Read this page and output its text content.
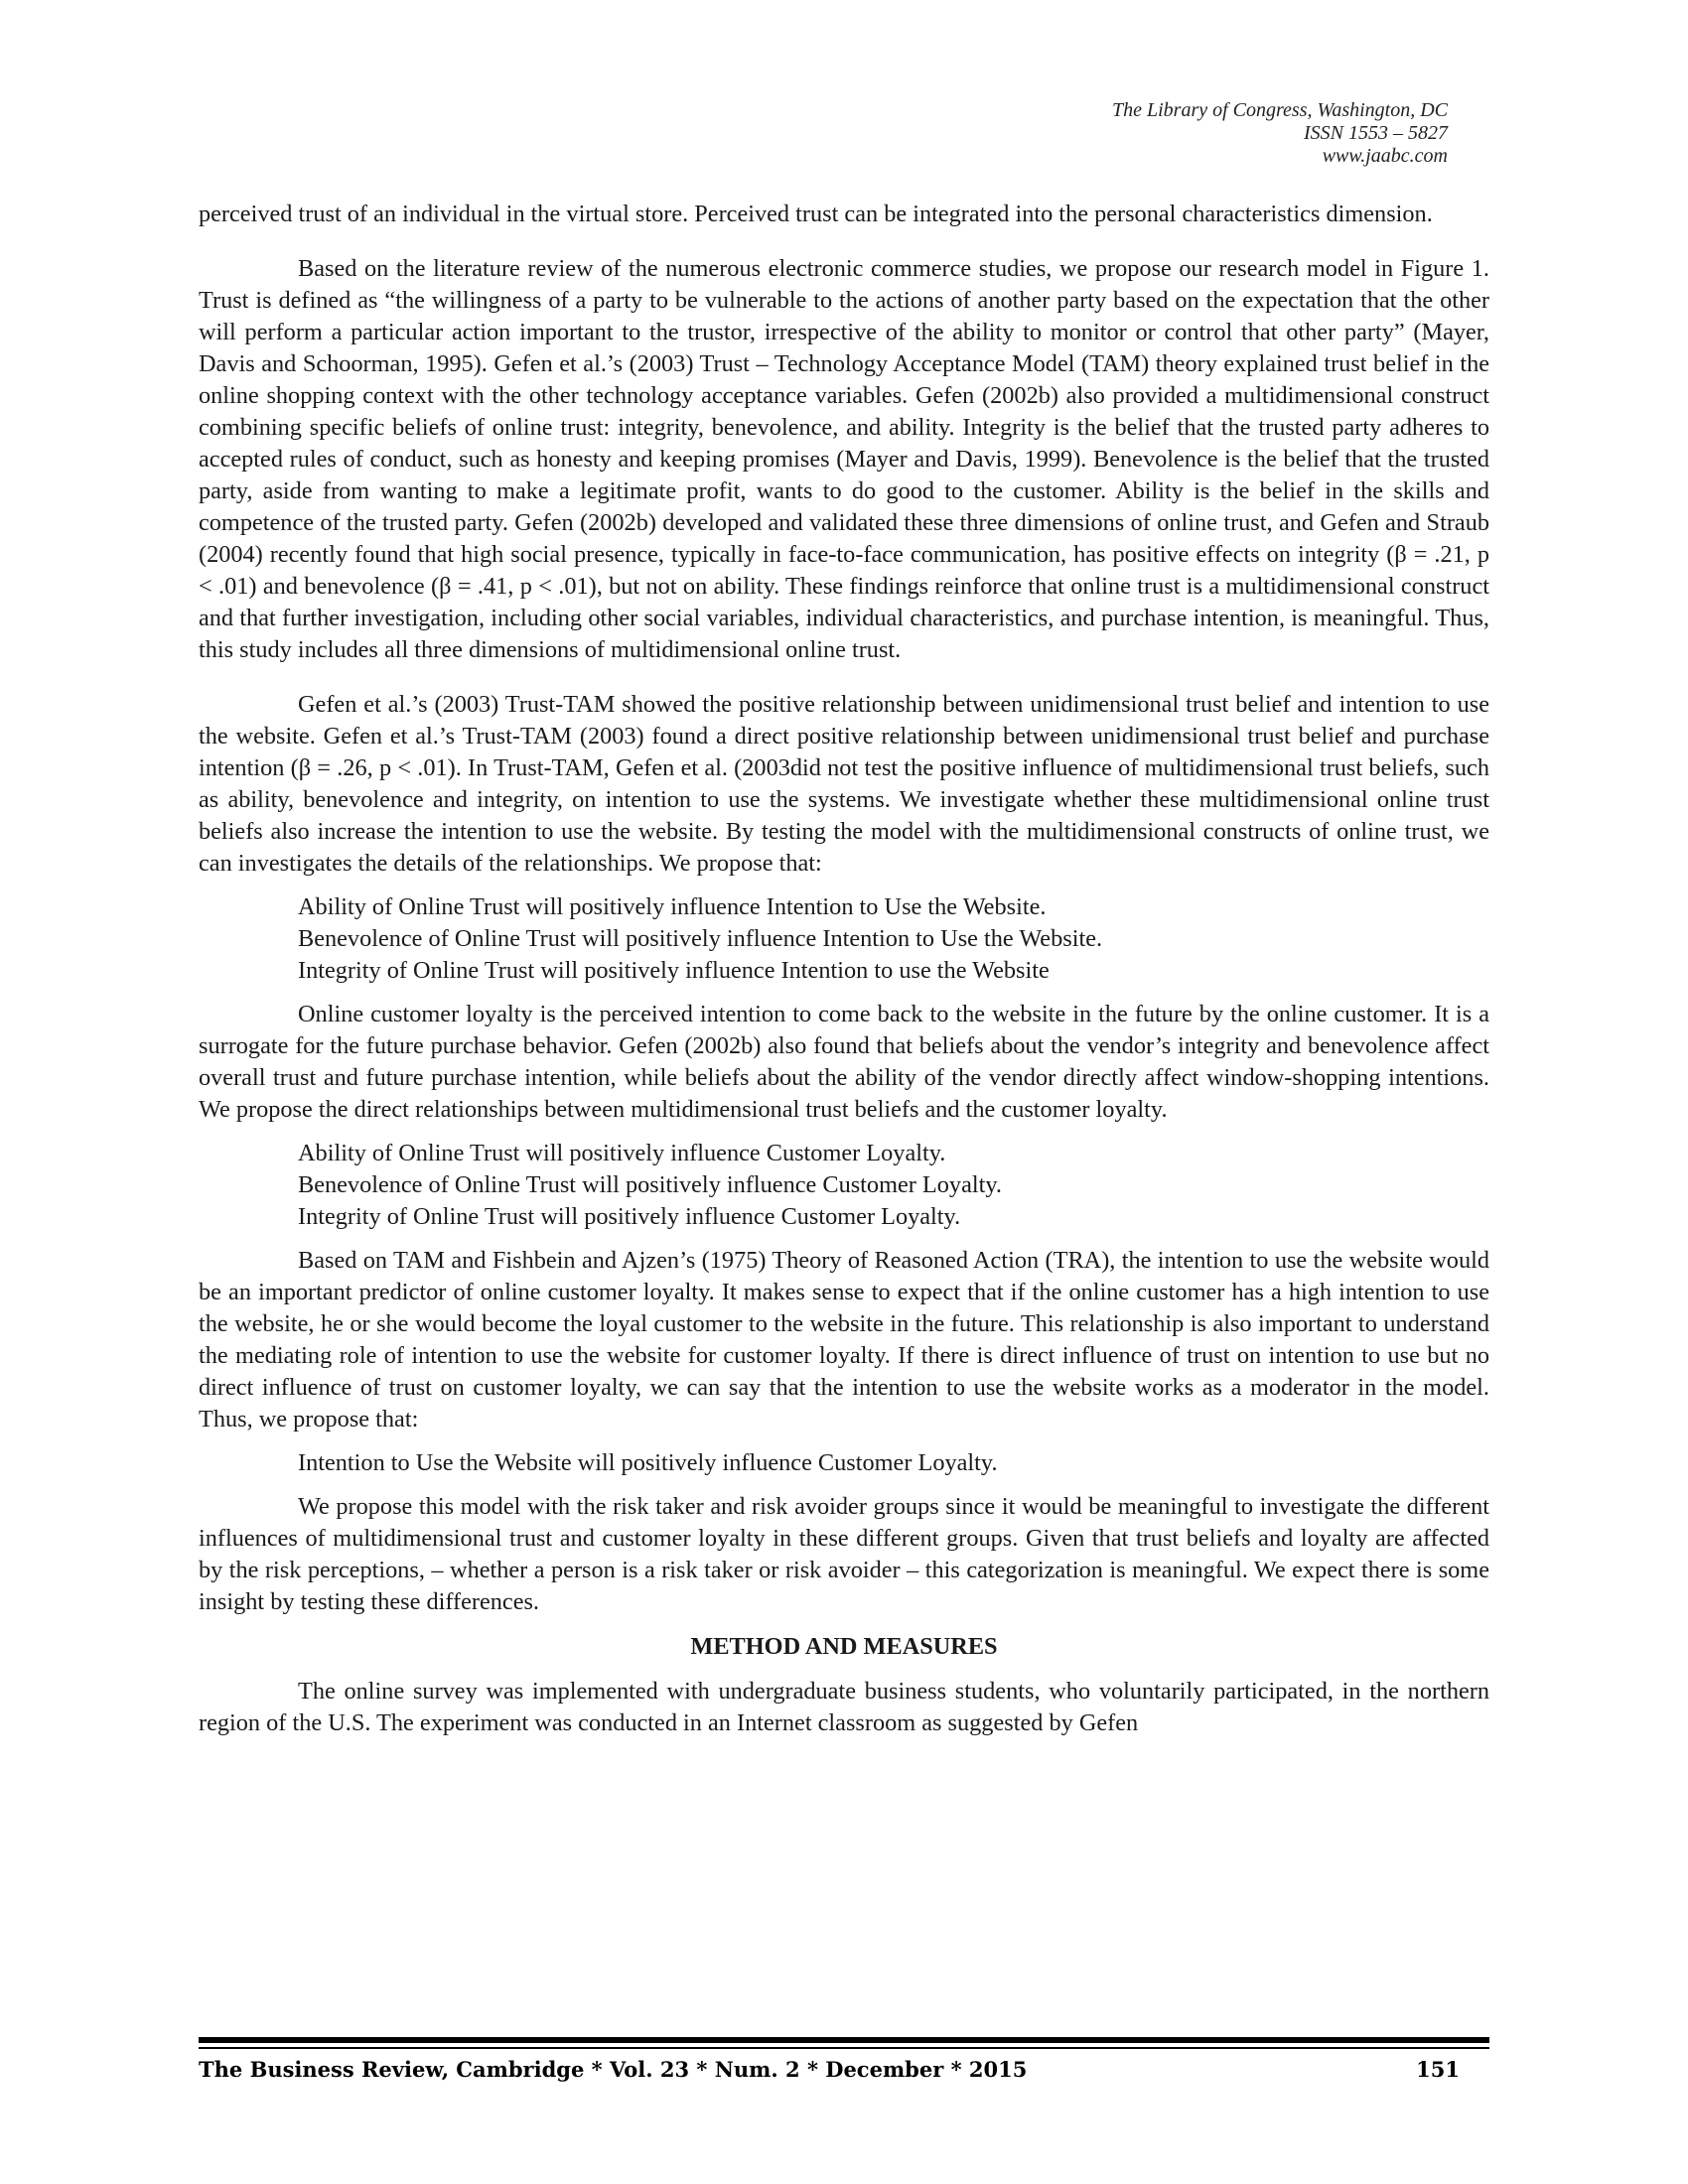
The Library of Congress, Washington, DC
ISSN 1553 – 5827
www.jaabc.com

perceived trust of an individual in the virtual store. Perceived trust can be integrated into the personal characteristics dimension.

Based on the literature review of the numerous electronic commerce studies, we propose our research model in Figure 1. Trust is defined as “the willingness of a party to be vulnerable to the actions of another party based on the expectation that the other will perform a particular action important to the trustor, irrespective of the ability to monitor or control that other party” (Mayer, Davis and Schoorman, 1995). Gefen et al.’s (2003) Trust – Technology Acceptance Model (TAM) theory explained trust belief in the online shopping context with the other technology acceptance variables. Gefen (2002b) also provided a multidimensional construct combining specific beliefs of online trust: integrity, benevolence, and ability. Integrity is the belief that the trusted party adheres to accepted rules of conduct, such as honesty and keeping promises (Mayer and Davis, 1999). Benevolence is the belief that the trusted party, aside from wanting to make a legitimate profit, wants to do good to the customer. Ability is the belief in the skills and competence of the trusted party. Gefen (2002b) developed and validated these three dimensions of online trust, and Gefen and Straub (2004) recently found that high social presence, typically in face-to-face communication, has positive effects on integrity (β = .21, p < .01) and benevolence (β = .41, p < .01), but not on ability. These findings reinforce that online trust is a multidimensional construct and that further investigation, including other social variables, individual characteristics, and purchase intention, is meaningful. Thus, this study includes all three dimensions of multidimensional online trust.

Gefen et al.’s (2003) Trust-TAM showed the positive relationship between unidimensional trust belief and intention to use the website. Gefen et al.’s Trust-TAM (2003) found a direct positive relationship between unidimensional trust belief and purchase intention (β = .26, p < .01). In Trust-TAM, Gefen et al. (2003did not test the positive influence of multidimensional trust beliefs, such as ability, benevolence and integrity, on intention to use the systems. We investigate whether these multidimensional online trust beliefs also increase the intention to use the website. By testing the model with the multidimensional constructs of online trust, we can investigates the details of the relationships. We propose that:

Ability of Online Trust will positively influence Intention to Use the Website.

Benevolence of Online Trust will positively influence Intention to Use the Website.

Integrity of Online Trust will positively influence Intention to use the Website

Online customer loyalty is the perceived intention to come back to the website in the future by the online customer. It is a surrogate for the future purchase behavior. Gefen (2002b) also found that beliefs about the vendor’s integrity and benevolence affect overall trust and future purchase intention, while beliefs about the ability of the vendor directly affect window-shopping intentions. We propose the direct relationships between multidimensional trust beliefs and the customer loyalty.

Ability of Online Trust will positively influence Customer Loyalty.

Benevolence of Online Trust will positively influence Customer Loyalty.

Integrity of Online Trust will positively influence Customer Loyalty.

Based on TAM and Fishbein and Ajzen’s (1975) Theory of Reasoned Action (TRA), the intention to use the website would be an important predictor of online customer loyalty. It makes sense to expect that if the online customer has a high intention to use the website, he or she would become the loyal customer to the website in the future. This relationship is also important to understand the mediating role of intention to use the website for customer loyalty. If there is direct influence of trust on intention to use but no direct influence of trust on customer loyalty, we can say that the intention to use the website works as a moderator in the model. Thus, we propose that:

Intention to Use the Website will positively influence Customer Loyalty.

We propose this model with the risk taker and risk avoider groups since it would be meaningful to investigate the different influences of multidimensional trust and customer loyalty in these different groups. Given that trust beliefs and loyalty are affected by the risk perceptions, – whether a person is a risk taker or risk avoider – this categorization is meaningful. We expect there is some insight by testing these differences.

METHOD AND MEASURES

The online survey was implemented with undergraduate business students, who voluntarily participated, in the northern region of the U.S. The experiment was conducted in an Internet classroom as suggested by Gefen

The Business Review, Cambridge * Vol. 23 * Num. 2 * December * 2015	151
